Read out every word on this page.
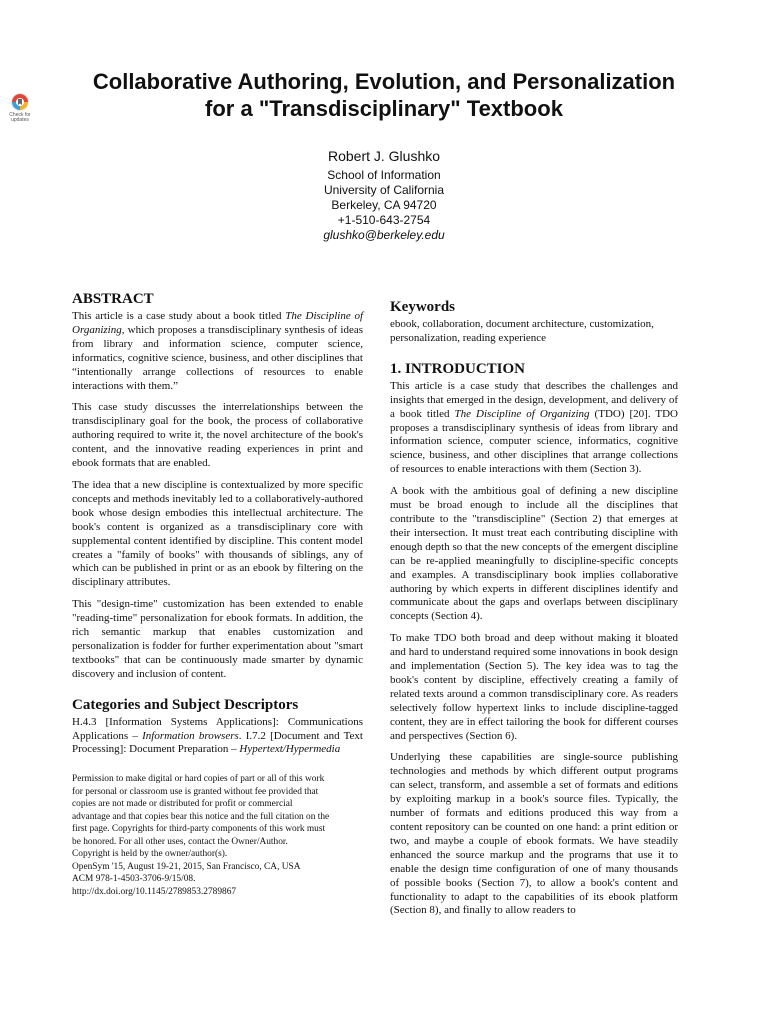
Check for
updates
Collaborative Authoring, Evolution, and Personalization
for a "Transdisciplinary" Textbook
Robert J. Glushko
School of Information
University of California
Berkeley, CA 94720
+1-510-643-2754
glushko@berkeley.edu
ABSTRACT

This article is a case study about a book titled The Discipline of Organizing, which proposes a transdisciplinary synthesis of ideas from library and information science, computer science, informatics, cognitive science, business, and other disciplines that “intentionally arrange collections of resources to enable interactions with them.”

This case study discusses the interrelationships between the transdisciplinary goal for the book, the process of collaborative authoring required to write it, the novel architecture of the book's content, and the innovative reading experiences in print and ebook formats that are enabled.

The idea that a new discipline is contextualized by more specific concepts and methods inevitably led to a collaboratively-authored book whose design embodies this intellectual architecture. The book's content is organized as a transdisciplinary core with supplemental content identified by discipline. This content model creates a "family of books" with thousands of siblings, any of which can be published in print or as an ebook by filtering on the disciplinary attributes.

This "design-time" customization has been extended to enable "reading-time" personalization for ebook formats. In addition, the rich semantic markup that enables customization and personalization is fodder for further experimentation about "smart textbooks" that can be continuously made smarter by dynamic discovery and inclusion of content.

Categories and Subject Descriptors

H.4.3 [Information Systems Applications]: Communications Applications – Information browsers. I.7.2 [Document and Text Processing]: Document Preparation – Hypertext/Hypermedia

Permission to make digital or hard copies of part or all of this work
for personal or classroom use is granted without fee provided that
copies are not made or distributed for profit or commercial
advantage and that copies bear this notice and the full citation on the
first page. Copyrights for third-party components of this work must
be honored. For all other uses, contact the Owner/Author.
Copyright is held by the owner/author(s).
OpenSym '15, August 19-21, 2015, San Francisco, CA, USA
ACM 978-1-4503-3706-9/15/08.
http://dx.doi.org/10.1145/2789853.2789867
Keywords

ebook, collaboration, document architecture, customization, personalization, reading experience

1. INTRODUCTION

This article is a case study that describes the challenges and insights that emerged in the design, development, and delivery of a book titled The Discipline of Organizing (TDO) [20]. TDO proposes a transdisciplinary synthesis of ideas from library and information science, computer science, informatics, cognitive science, business, and other disciplines that arrange collections of resources to enable interactions with them (Section 3).

A book with the ambitious goal of defining a new discipline must be broad enough to include all the disciplines that contribute to the "transdiscipline" (Section 2) that emerges at their intersection. It must treat each contributing discipline with enough depth so that the new concepts of the emergent discipline can be re-applied meaningfully to discipline-specific concepts and examples. A transdisciplinary book implies collaborative authoring by which experts in different disciplines identify and communicate about the gaps and overlaps between disciplinary concepts (Section 4).

To make TDO both broad and deep without making it bloated and hard to understand required some innovations in book design and implementation (Section 5). The key idea was to tag the book's content by discipline, effectively creating a family of related texts around a common transdisciplinary core. As readers selectively follow hypertext links to include discipline-tagged content, they are in effect tailoring the book for different courses and perspectives (Section 6).

Underlying these capabilities are single-source publishing technologies and methods by which different output programs can select, transform, and assemble a set of formats and editions by exploiting markup in a book's source files. Typically, the number of formats and editions produced this way from a content repository can be counted on one hand: a print edition or two, and maybe a couple of ebook formats. We have steadily enhanced the source markup and the programs that use it to enable the design time configuration of one of many thousands of possible books (Section 7), to allow a book's content and functionality to adapt to the capabilities of its ebook platform (Section 8), and finally to allow readers to
